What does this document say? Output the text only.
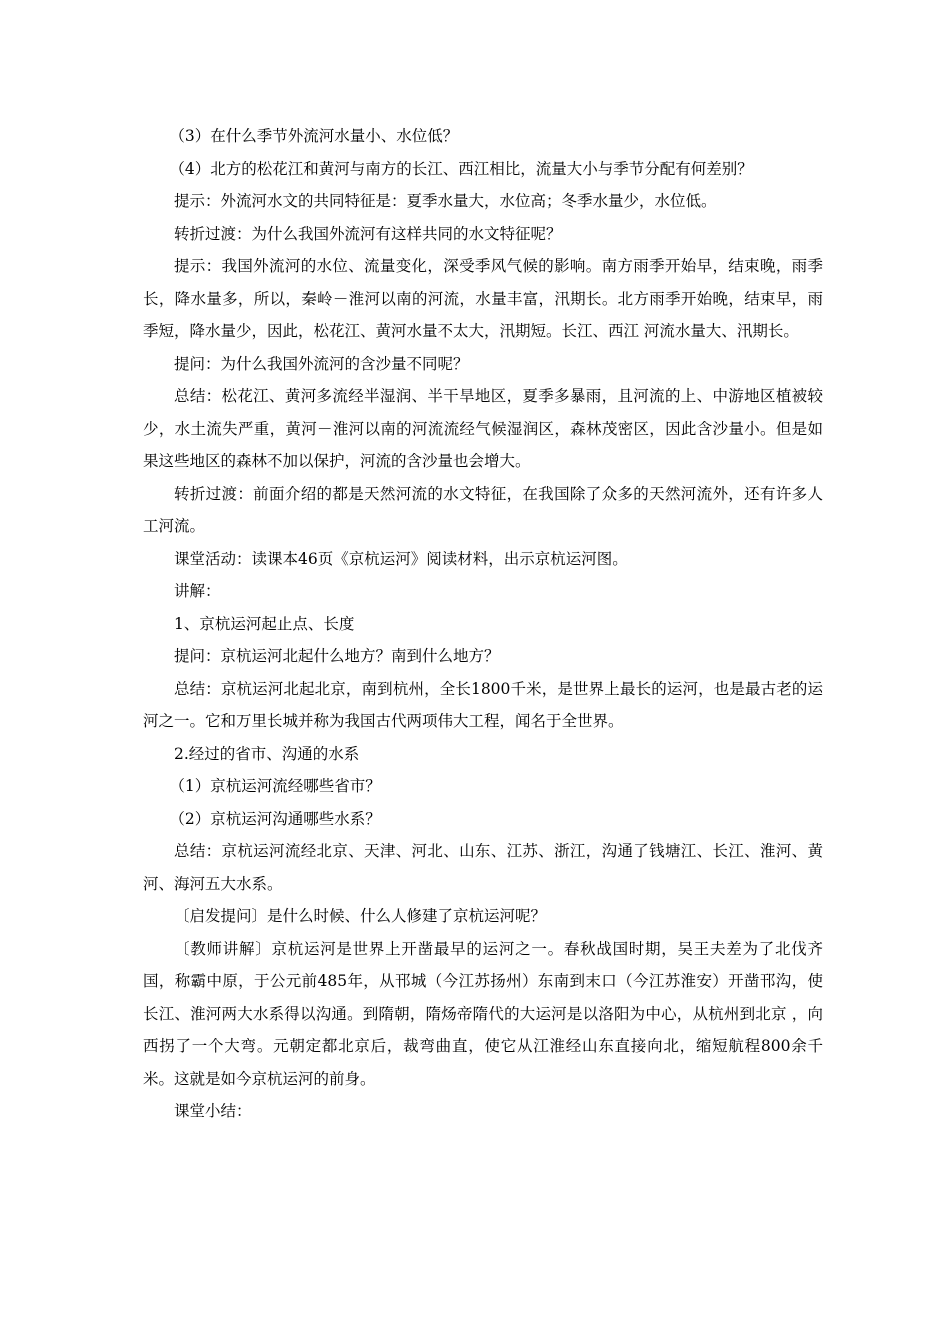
（3）在什么季节外流河水量小、水位低？

（4）北方的松花江和黄河与南方的长江、西江相比，流量大小与季节分配有何差别？

提示：外流河水文的共同特征是：夏季水量大，水位高；冬季水量少，水位低。

转折过渡：为什么我国外流河有这样共同的水文特征呢？

提示：我国外流河的水位、流量变化，深受季风气候的影响。南方雨季开始早，结束晚，雨季长，降水量多，所以，秦岭－淮河以南的河流，水量丰富，汛期长。北方雨季开始晚，结束早，雨季短，降水量少，因此，松花江、黄河水量不太大，汛期短。长江、西江 河流水量大、汛期长。

提问：为什么我国外流河的含沙量不同呢？

总结：松花江、黄河多流经半湿润、半干旱地区，夏季多暴雨，且河流的上、中游地区植被较少，水土流失严重，黄河－淮河以南的河流流经气候湿润区，森林茂密区，因此含沙量小。但是如果这些地区的森林不加以保护，河流的含沙量也会增大。

转折过渡：前面介绍的都是天然河流的水文特征，在我国除了众多的天然河流外，还有许多人工河流。

课堂活动：读课本46页《京杭运河》阅读材料，出示京杭运河图。

讲解：

1、京杭运河起止点、长度

提问：京杭运河北起什么地方？南到什么地方？

总结：京杭运河北起北京，南到杭州，全长1800千米，是世界上最长的运河，也是最古老的运河之一。它和万里长城并称为我国古代两项伟大工程，闻名于全世界。

2.经过的省市、沟通的水系

（1）京杭运河流经哪些省市？

（2）京杭运河沟通哪些水系？

总结：京杭运河流经北京、天津、河北、山东、江苏、浙江，沟通了钱塘江、长江、淮河、黄河、海河五大水系。

〔启发提问〕是什么时候、什么人修建了京杭运河呢？

〔教师讲解〕京杭运河是世界上开凿最早的运河之一。春秋战国时期，吴王夫差为了北伐齐国，称霸中原，于公元前485年，从邗城（今江苏扬州）东南到末口（今江苏淮安）开凿邗沟，使长江、淮河两大水系得以沟通。到隋朝，隋炀帝隋代的大运河是以洛阳为中心，从杭州到北京 ，向西拐了一个大弯。元朝定都北京后，裁弯曲直，使它从江淮经山东直接向北，缩短航程800余千米。这就是如今京杭运河的前身。

课堂小结：
